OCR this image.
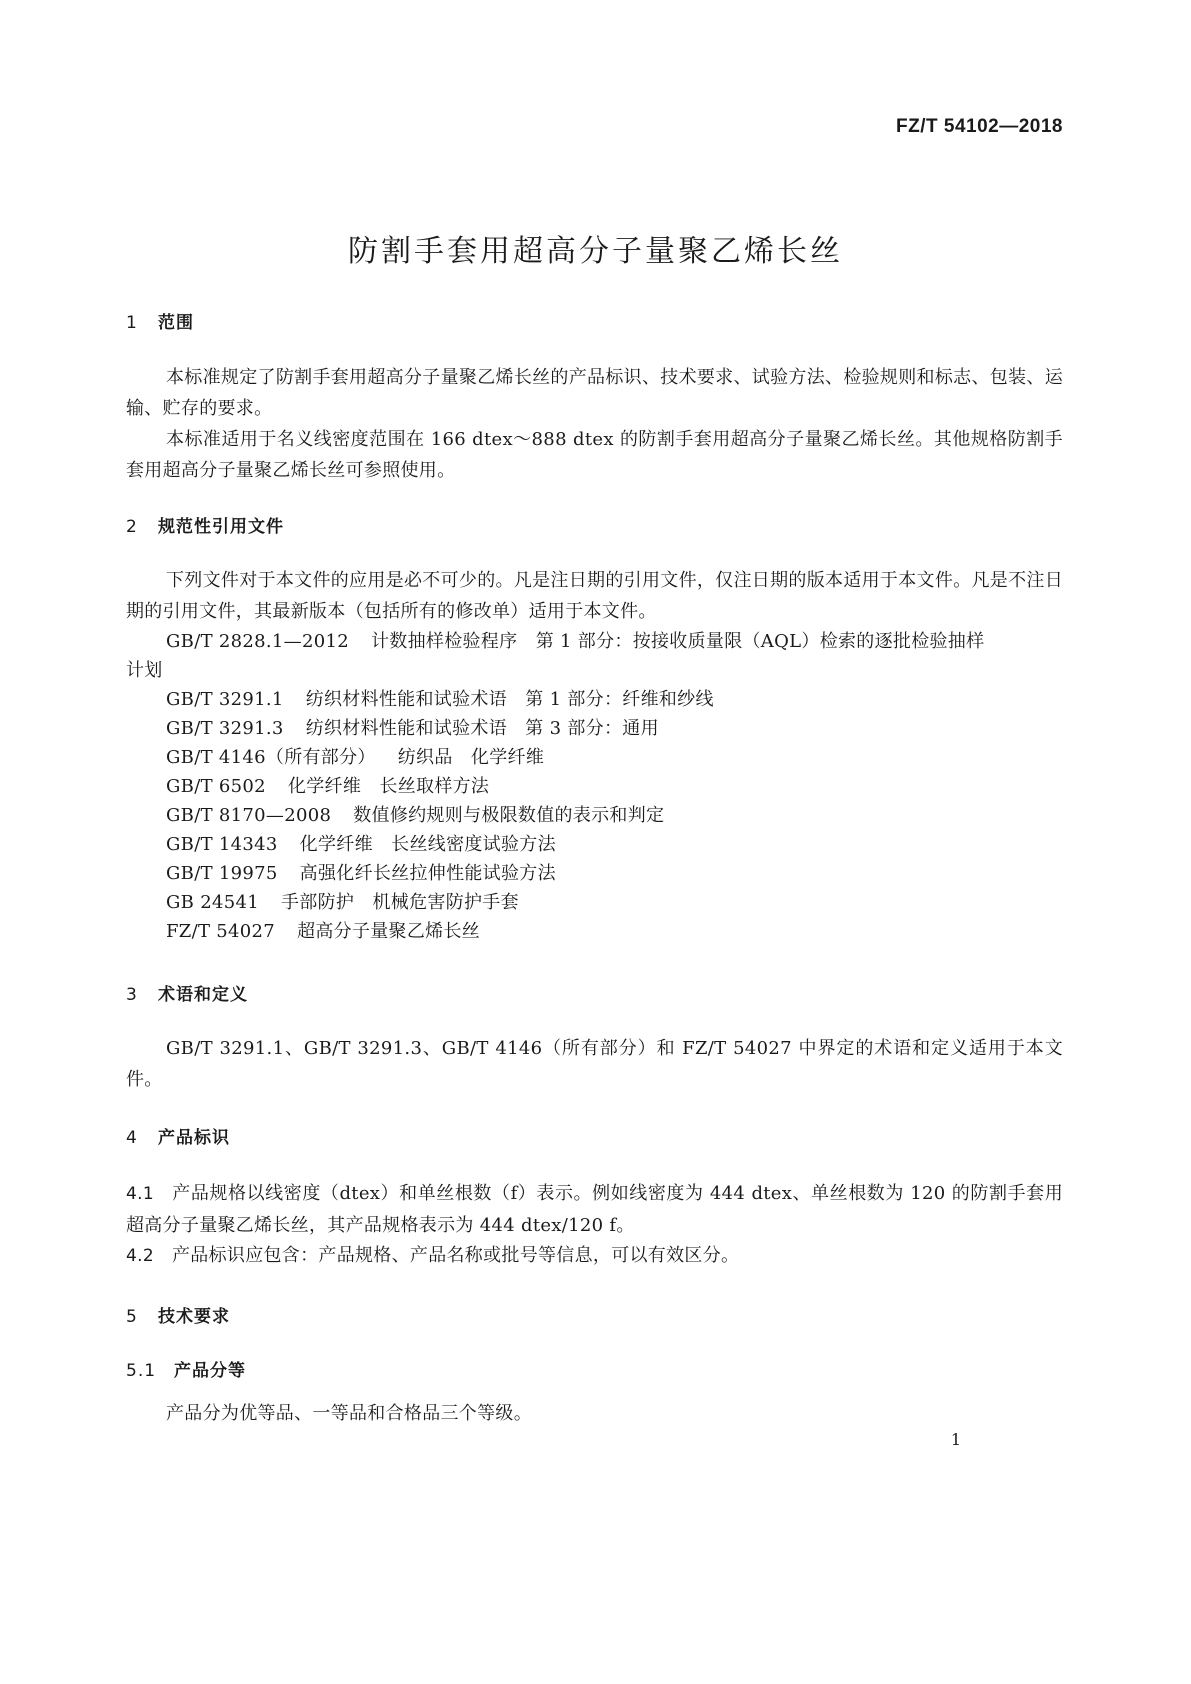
FZ/T 54102—2018
防割手套用超高分子量聚乙烯长丝
1 范围
本标准规定了防割手套用超高分子量聚乙烯长丝的产品标识、技术要求、试验方法、检验规则和标志、包装、运输、贮存的要求。
本标准适用于名义线密度范围在 166 dtex～888 dtex 的防割手套用超高分子量聚乙烯长丝。其他规格防割手套用超高分子量聚乙烯长丝可参照使用。
2 规范性引用文件
下列文件对于本文件的应用是必不可少的。凡是注日期的引用文件，仅注日期的版本适用于本文件。凡是不注日期的引用文件，其最新版本（包括所有的修改单）适用于本文件。
GB/T 2828.1—2012 计数抽样检验程序　第 1 部分：按接收质量限（AQL）检索的逐批检验抽样
计划
GB/T 3291.1 纺织材料性能和试验术语　第 1 部分：纤维和纱线
GB/T 3291.3 纺织材料性能和试验术语　第 3 部分：通用
GB/T 4146（所有部分） 纺织品　化学纤维
GB/T 6502 化学纤维　长丝取样方法
GB/T 8170—2008 数值修约规则与极限数值的表示和判定
GB/T 14343 化学纤维　长丝线密度试验方法
GB/T 19975 高强化纤长丝拉伸性能试验方法
GB 24541 手部防护　机械危害防护手套
FZ/T 54027 超高分子量聚乙烯长丝
3 术语和定义
GB/T 3291.1、GB/T 3291.3、GB/T 4146（所有部分）和 FZ/T 54027 中界定的术语和定义适用于本文件。
4 产品标识
4.1 产品规格以线密度（dtex）和单丝根数（f）表示。例如线密度为 444 dtex、单丝根数为 120 的防割手套用超高分子量聚乙烯长丝，其产品规格表示为 444 dtex/120 f。
4.2 产品标识应包含：产品规格、产品名称或批号等信息，可以有效区分。
5 技术要求
5.1 产品分等
产品分为优等品、一等品和合格品三个等级。
1
